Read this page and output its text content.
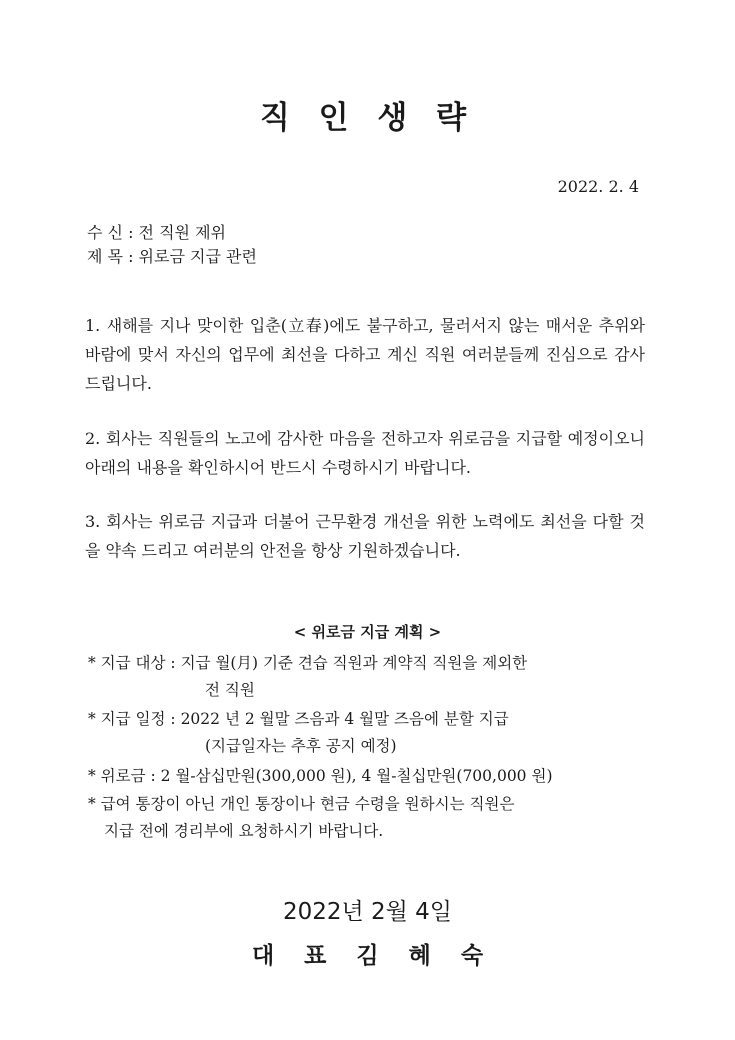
직 인 생 략
2022. 2. 4
수 신 : 전 직원 제위
제 목 : 위로금 지급 관련
1. 새해를 지나 맞이한 입춘(立春)에도 불구하고, 물러서지 않는 매서운 추위와 바람에 맞서 자신의 업무에 최선을 다하고 계신 직원 여러분들께 진심으로 감사드립니다.
2. 회사는 직원들의 노고에 감사한 마음을 전하고자 위로금을 지급할 예정이오니 아래의 내용을 확인하시어 반드시 수령하시기 바랍니다.
3. 회사는 위로금 지급과 더불어 근무환경 개선을 위한 노력에도 최선을 다할 것을 약속 드리고 여러분의 안전을 항상 기원하겠습니다.
< 위로금 지급 계획 >
* 지급 대상 : 지급 월(月) 기준 견습 직원과 계약직 직원을 제외한
전 직원
* 지급 일정 : 2022 년 2 월말 즈음과 4 월말 즈음에 분할 지급
(지급일자는 추후 공지 예정)
* 위로금 : 2 월-삼십만원(300,000 원), 4 월-칠십만원(700,000 원)
* 급여 통장이 아닌 개인 통장이나 현금 수령을 원하시는 직원은
지급 전에 경리부에 요청하시기 바랍니다.
2022년 2월 4일
대 표 김 혜 숙
